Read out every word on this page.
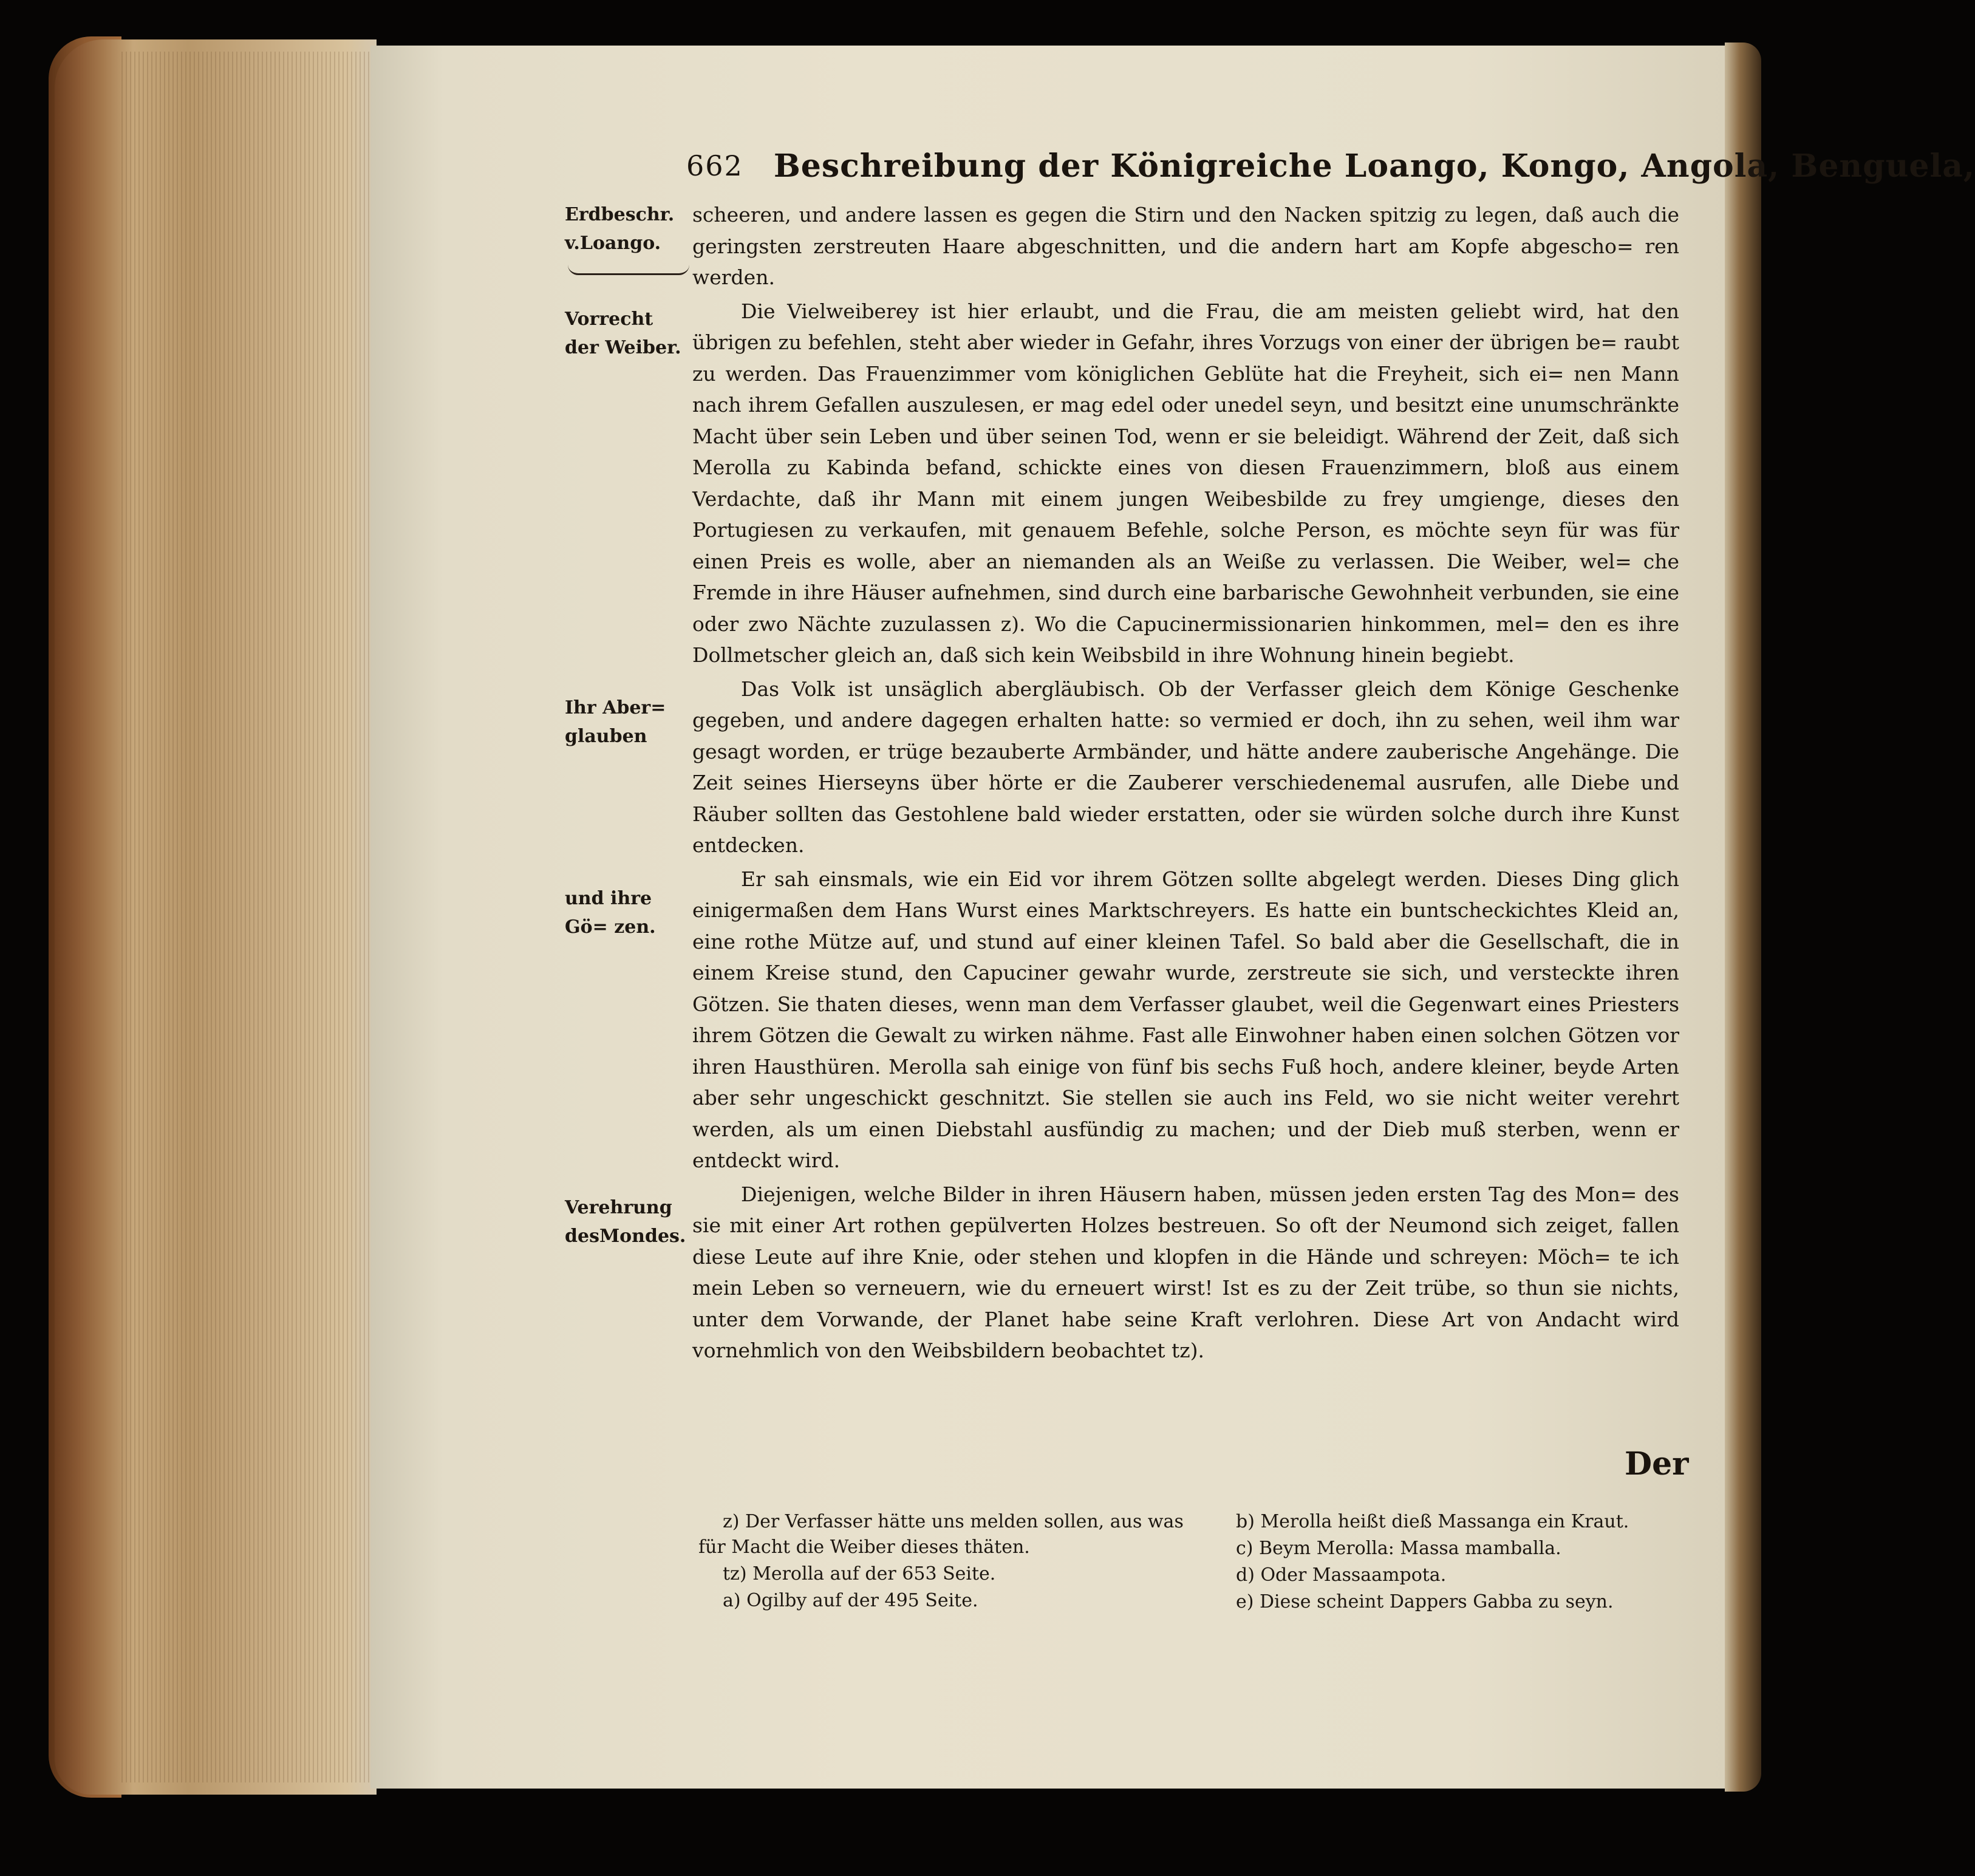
662 Beschreibung der Königreiche Loango, Kongo, Angola, Benguela,
Erdbeschr. v.Loango.
Vorrecht der Weiber.
Ihr Aber= glauben
und ihre Gö= zen.
Verehrung desMondes.

scheeren, und andere lassen es gegen die Stirn und den Nacken spitzig zu legen, daß auch die geringsten zerstreuten Haare abgeschnitten, und die andern hart am Kopfe abgescho= ren werden.

Die Vielweiberey ist hier erlaubt, und die Frau, die am meisten geliebt wird, hat den übrigen zu befehlen, steht aber wieder in Gefahr, ihres Vorzugs von einer der übrigen be= raubt zu werden. Das Frauenzimmer vom königlichen Geblüte hat die Freyheit, sich ei= nen Mann nach ihrem Gefallen auszulesen, er mag edel oder unedel seyn, und besitzt eine unumschränkte Macht über sein Leben und über seinen Tod, wenn er sie beleidigt. Während der Zeit, daß sich Merolla zu Kabinda befand, schickte eines von diesen Frauenzimmern, bloß aus einem Verdachte, daß ihr Mann mit einem jungen Weibesbilde zu frey umgienge, dieses den Portugiesen zu verkaufen, mit genauem Befehle, solche Person, es möchte seyn für was für einen Preis es wolle, aber an niemanden als an Weiße zu verlassen. Die Weiber, wel= che Fremde in ihre Häuser aufnehmen, sind durch eine barbarische Gewohnheit verbunden, sie eine oder zwo Nächte zuzulassen z). Wo die Capucinermissionarien hinkommen, mel= den es ihre Dollmetscher gleich an, daß sich kein Weibsbild in ihre Wohnung hinein begiebt.

Das Volk ist unsäglich abergläubisch. Ob der Verfasser gleich dem Könige Geschenke gegeben, und andere dagegen erhalten hatte: so vermied er doch, ihn zu sehen, weil ihm war gesagt worden, er trüge bezauberte Armbänder, und hätte andere zauberische Angehänge. Die Zeit seines Hierseyns über hörte er die Zauberer verschiedenemal ausrufen, alle Diebe und Räuber sollten das Gestohlene bald wieder erstatten, oder sie würden solche durch ihre Kunst entdecken.

Er sah einsmals, wie ein Eid vor ihrem Götzen sollte abgelegt werden. Dieses Ding glich einigermaßen dem Hans Wurst eines Marktschreyers. Es hatte ein buntscheckichtes Kleid an, eine rothe Mütze auf, und stund auf einer kleinen Tafel. So bald aber die Gesellschaft, die in einem Kreise stund, den Capuciner gewahr wurde, zerstreute sie sich, und versteckte ihren Götzen. Sie thaten dieses, wenn man dem Verfasser glaubet, weil die Gegenwart eines Priesters ihrem Götzen die Gewalt zu wirken nähme. Fast alle Einwohner haben einen solchen Götzen vor ihren Hausthüren. Merolla sah einige von fünf bis sechs Fuß hoch, andere kleiner, beyde Arten aber sehr ungeschickt geschnitzt. Sie stellen sie auch ins Feld, wo sie nicht weiter verehrt werden, als um einen Diebstahl ausfündig zu machen; und der Dieb muß sterben, wenn er entdeckt wird.

Diejenigen, welche Bilder in ihren Häusern haben, müssen jeden ersten Tag des Mon= des sie mit einer Art rothen gepülverten Holzes bestreuen. So oft der Neumond sich zeiget, fallen diese Leute auf ihre Knie, oder stehen und klopfen in die Hände und schreyen: Möch= te ich mein Leben so verneuern, wie du erneuert wirst! Ist es zu der Zeit trübe, so thun sie nichts, unter dem Vorwande, der Planet habe seine Kraft verlohren. Diese Art von Andacht wird vornehmlich von den Weibsbildern beobachtet tz).

Der

z) Der Verfasser hätte uns melden sollen, aus was für Macht die Weiber dieses thäten.

tz) Merolla auf der 653 Seite.

a) Ogilby auf der 495 Seite.

b) Merolla heißt dieß Massanga ein Kraut.

c) Beym Merolla: Massa mamballa.

d) Oder Massaampota.

e) Diese scheint Dappers Gabba zu seyn.
